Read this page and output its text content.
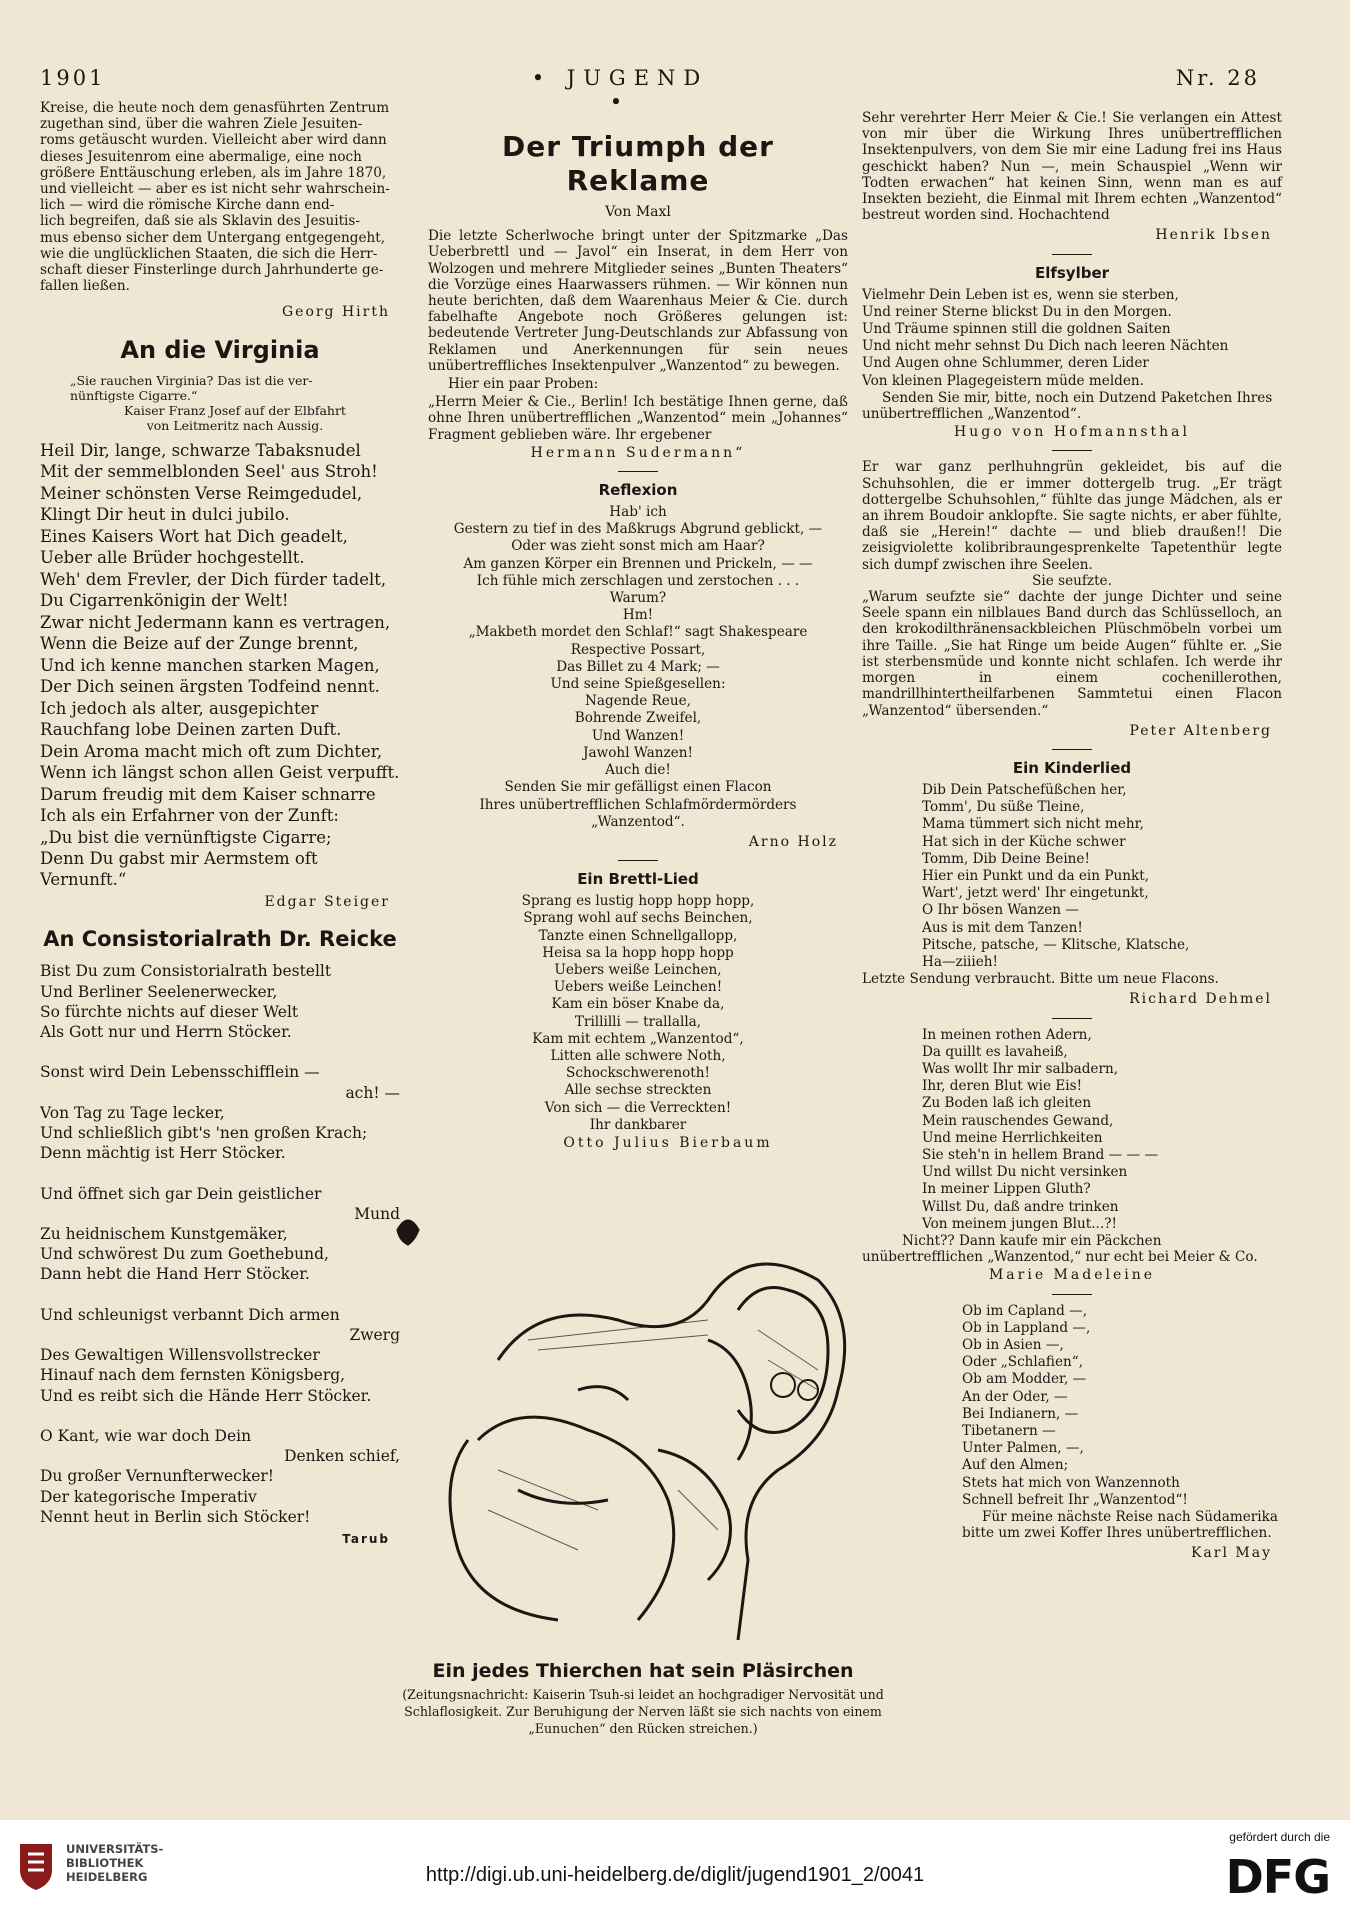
1901	• JUGEND •
Nr. 28

Kreise, die heute noch dem genasführten Zentrum

zugethan sind, über die wahren Ziele Jesuiten-

roms getäuscht wurden. Vielleicht aber wird dann

dieses Jesuitenrom eine abermalige, eine noch

größere Enttäuschung erleben, als im Jahre 1870,

und vielleicht — aber es ist nicht sehr wahrschein-

lich — wird die römische Kirche dann end-

lich begreifen, daß sie als Sklavin des Jesuitis-

mus ebenso sicher dem Untergang entgegengeht,

wie die unglücklichen Staaten, die sich die Herr-

schaft dieser Finsterlinge durch Jahrhunderte ge-

fallen ließen.

Georg Hirth
An die Virginia

„Sie rauchen Virginia? Das ist die ver-

nünftigste Cigarre.“

Kaiser Franz Josef auf der Elbfahrt

von Leitmeritz nach Aussig.

Heil Dir, lange, schwarze Tabaksnudel

Mit der semmelblonden Seel' aus Stroh!

Meiner schönsten Verse Reimgedudel,

Klingt Dir heut in dulci jubilo.

Eines Kaisers Wort hat Dich geadelt,

Ueber alle Brüder hochgestellt.

Weh' dem Frevler, der Dich fürder tadelt,

Du Cigarrenkönigin der Welt!

Zwar nicht Jedermann kann es vertragen,

Wenn die Beize auf der Zunge brennt,

Und ich kenne manchen starken Magen,

Der Dich seinen ärgsten Todfeind nennt.

Ich jedoch als alter, ausgepichter

Rauchfang lobe Deinen zarten Duft.

Dein Aroma macht mich oft zum Dichter,

Wenn ich längst schon allen Geist verpufft.

Darum freudig mit dem Kaiser schnarre

Ich als ein Erfahrner von der Zunft:

„Du bist die vernünftigste Cigarre;

Denn Du gabst mir Aermstem oft Vernunft.“

Edgar Steiger
An Consistorialrath Dr. Reicke

Bist Du zum Consistorialrath bestellt

Und Berliner Seelenerwecker,

So fürchte nichts auf dieser Welt

Als Gott nur und Herrn Stöcker.

Sonst wird Dein Lebensschifflein —

ach! —

Von Tag zu Tage lecker,

Und schließlich gibt's 'nen großen Krach;

Denn mächtig ist Herr Stöcker.

Und öffnet sich gar Dein geistlicher

Mund

Zu heidnischem Kunstgemäker,

Und schwörest Du zum Goethebund,

Dann hebt die Hand Herr Stöcker.

Und schleunigst verbannt Dich armen

Zwerg

Des Gewaltigen Willensvollstrecker

Hinauf nach dem fernsten Königsberg,

Und es reibt sich die Hände Herr Stöcker.

O Kant, wie war doch Dein

Denken schief,

Du großer Vernunfterwecker!

Der kategorische Imperativ

Nennt heut in Berlin sich Stöcker!

Tarub
Der Triumph der Reklame
Von Maxl

Die letzte Scherlwoche bringt unter der Spitzmarke „Das Ueberbrettl und — Javol“ ein Inserat, in dem Herr von Wolzogen und mehrere Mitglieder seines „Bunten Theaters“ die Vorzüge eines Haarwassers rühmen. — Wir können nun heute berichten, daß dem Waarenhaus Meier & Cie. durch fabelhafte Angebote noch Größeres gelungen ist: bedeutende Vertreter Jung-Deutschlands zur Abfassung von Reklamen und Anerkennungen für sein neues unübertreffliches Insektenpulver „Wanzentod“ zu bewegen.

Hier ein paar Proben:

„Herrn Meier & Cie., Berlin! Ich bestätige Ihnen gerne, daß ohne Ihren unübertrefflichen „Wanzentod“ mein „Johannes“ Fragment geblieben wäre. Ihr ergebener

Hermann Sudermann“
Reflexion

Hab' ich

Gestern zu tief in des Maßkrugs Abgrund geblickt, —

Oder was zieht sonst mich am Haar?

Am ganzen Körper ein Brennen und Prickeln, — —

Ich fühle mich zerschlagen und zerstochen . . .

Warum?

Hm!

„Makbeth mordet den Schlaf!“ sagt Shakespeare

Respective Possart,

Das Billet zu 4 Mark; —

Und seine Spießgesellen:

Nagende Reue,

Bohrende Zweifel,

Und Wanzen!

Jawohl Wanzen!

Auch die!

Senden Sie mir gefälligst einen Flacon

Ihres unübertrefflichen Schlafmördermörders

„Wanzentod“.

Arno Holz
Ein Brettl-Lied

Sprang es lustig hopp hopp hopp,

Sprang wohl auf sechs Beinchen,

Tanzte einen Schnellgallopp,

Heisa sa la hopp hopp hopp

Uebers weiße Leinchen,

Uebers weiße Leinchen!

Kam ein böser Knabe da,

Trillilli — trallalla,

Kam mit echtem „Wanzentod“,

Litten alle schwere Noth,

Schockschwerenoth!

Alle sechse streckten

Von sich — die Verreckten!

Ihr dankbarer

Otto Julius Bierbaum
Ein jedes Thierchen hat sein Pläsirchen
(Zeitungsnachricht: Kaiserin Tsuh-si leidet an hochgradiger Nervosität und Schlaflosigkeit. Zur Beruhigung der Nerven läßt sie sich nachts von einem „Eunuchen“ den Rücken streichen.)

Sehr verehrter Herr Meier & Cie.! Sie verlangen ein Attest von mir über die Wirkung Ihres unübertrefflichen Insektenpulvers, von dem Sie mir eine Ladung frei ins Haus geschickt haben? Nun —, mein Schauspiel „Wenn wir Todten erwachen“ hat keinen Sinn, wenn man es auf Insekten bezieht, die Einmal mit Ihrem echten „Wanzentod“ bestreut worden sind. Hochachtend

Henrik Ibsen
Elfsylber

Vielmehr Dein Leben ist es, wenn sie sterben,

Und reiner Sterne blickst Du in den Morgen.

Und Träume spinnen still die goldnen Saiten

Und nicht mehr sehnst Du Dich nach leeren Nächten

Und Augen ohne Schlummer, deren Lider

Von kleinen Plagegeistern müde melden.

Senden Sie mir, bitte, noch ein Dutzend Paketchen Ihres unübertrefflichen „Wanzentod“.

Hugo von Hofmannsthal

Er war ganz perlhuhngrün gekleidet, bis auf die Schuhsohlen, die er immer dottergelb trug. „Er trägt dottergelbe Schuhsohlen,“ fühlte das junge Mädchen, als er an ihrem Boudoir anklopfte. Sie sagte nichts, er aber fühlte, daß sie „Herein!“ dachte — und blieb draußen!! Die zeisigviolette kolibribraungesprenkelte Tapetenthür legte sich dumpf zwischen ihre Seelen.

Sie seufzte.

„Warum seufzte sie“ dachte der junge Dichter und seine Seele spann ein nilblaues Band durch das Schlüsselloch, an den krokodilthränensackbleichen Plüschmöbeln vorbei um ihre Taille. „Sie hat Ringe um beide Augen“ fühlte er. „Sie ist sterbensmüde und konnte nicht schlafen. Ich werde ihr morgen in einem cochenillerothen, mandrillhintertheilfarbenen Sammtetui einen Flacon „Wanzentod“ übersenden.“

Peter Altenberg
Ein Kinderlied

Dib Dein Patschefüßchen her,

Tomm', Du süße Tleine,

Mama tümmert sich nicht mehr,

Hat sich in der Küche schwer

Tomm, Dib Deine Beine!

Hier ein Punkt und da ein Punkt,

Wart', jetzt werd' Ihr eingetunkt,

O Ihr bösen Wanzen —

Aus is mit dem Tanzen!

Pitsche, patsche, — Klitsche, Klatsche,

Ha—ziiieh!

Letzte Sendung verbraucht. Bitte um neue Flacons.

Richard Dehmel

In meinen rothen Adern,

Da quillt es lavaheiß,

Was wollt Ihr mir salbadern,

Ihr, deren Blut wie Eis!

Zu Boden laß ich gleiten

Mein rauschendes Gewand,

Und meine Herrlichkeiten

Sie steh'n in hellem Brand — — —

Und willst Du nicht versinken

In meiner Lippen Gluth?

Willst Du, daß andre trinken

Von meinem jungen Blut...?!

Nicht?? Dann kaufe mir ein Päckchen unübertrefflichen „Wanzentod,“ nur echt bei Meier & Co.

Marie Madeleine

Ob im Capland —,

Ob in Lappland —,

Ob in Asien —,

Oder „Schlafien“,

Ob am Modder, —

An der Oder, —

Bei Indianern, —

Tibetanern —

Unter Palmen, —,

Auf den Almen;

Stets hat mich von Wanzennoth

Schnell befreit Ihr „Wanzentod“!

Für meine nächste Reise nach Südamerika bitte um zwei Koffer Ihres unübertrefflichen.

Karl May
UNIVERSITÄTS-
BIBLIOTHEK
HEIDELBERG	http://digi.ub.uni-heidelberg.de/diglit/jugend1901_2/0041
gefördert durch die
DFG
